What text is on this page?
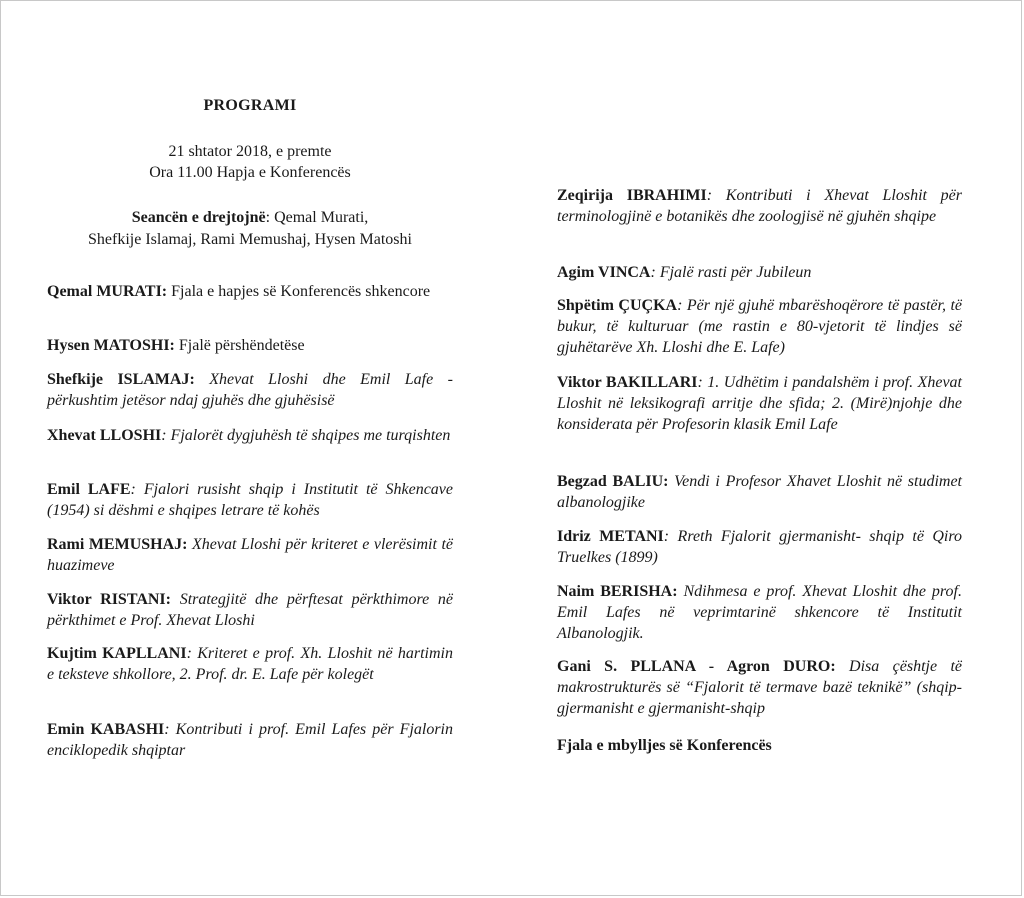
PROGRAMI
21 shtator 2018, e premte
Ora 11.00 Hapja e Konferencës
Seancën e drejtojnë: Qemal Murati,
Shefkije Islamaj, Rami Memushaj, Hysen Matoshi
Qemal MURATI: Fjala e hapjes së Konferencës shkencore
Hysen MATOSHI: Fjalë përshëndetëse
Shefkije ISLAMAJ: Xhevat Lloshi dhe Emil Lafe - përkushtim jetësor ndaj gjuhës dhe gjuhësisë
Xhevat LLOSHI: Fjalorët dygjuhësh të shqipes me turqishten
Emil LAFE: Fjalori rusisht shqip i Institutit të Shkencave (1954) si dëshmi e shqipes letrare të kohës
Rami MEMUSHAJ: Xhevat Lloshi për kriteret e vlerësimit të huazimeve
Viktor RISTANI: Strategjitë dhe përftesat përkthimore në përkthimet e Prof. Xhevat Lloshi
Kujtim KAPLLANI: Kriteret e prof. Xh. Lloshit në hartimin e teksteve shkollore, 2. Prof. dr. E. Lafe për kolegët
Emin KABASHI: Kontributi i prof. Emil Lafes për Fjalorin enciklopedik shqiptar
Zeqirija IBRAHIMI: Kontributi i Xhevat Lloshit për terminologjinë e botanikës dhe zoologjisë në gjuhën shqipe
Agim VINCA: Fjalë rasti për Jubileun
Shpëtim ÇUÇKA: Për një gjuhë mbarëshoqërore të pastër, të bukur, të kulturuar (me rastin e 80-vjetorit të lindjes së gjuhëtarëve Xh. Lloshi dhe E. Lafe)
Viktor BAKILLARI: 1. Udhëtim i pandalshëm i prof. Xhevat Lloshit në leksikografi arritje dhe sfida; 2. (Mirë)njohje dhe konsiderata për Profesorin klasik Emil Lafe
Begzad BALIU: Vendi i Profesor Xhavet Lloshit në studimet albanologjike
Idriz METANI: Rreth Fjalorit gjermanisht- shqip të Qiro Truelkes (1899)
Naim BERISHA: Ndihmesa e prof. Xhevat Lloshit dhe prof. Emil Lafes në veprimtarinë shkencore të Institutit Albanologjik.
Gani S. PLLANA - Agron DURO: Disa çështje të makrostrukturës së “Fjalorit të termave bazë teknikë” (shqip-gjermanisht e gjermanisht-shqip
Fjala e mbylljes së Konferencës
